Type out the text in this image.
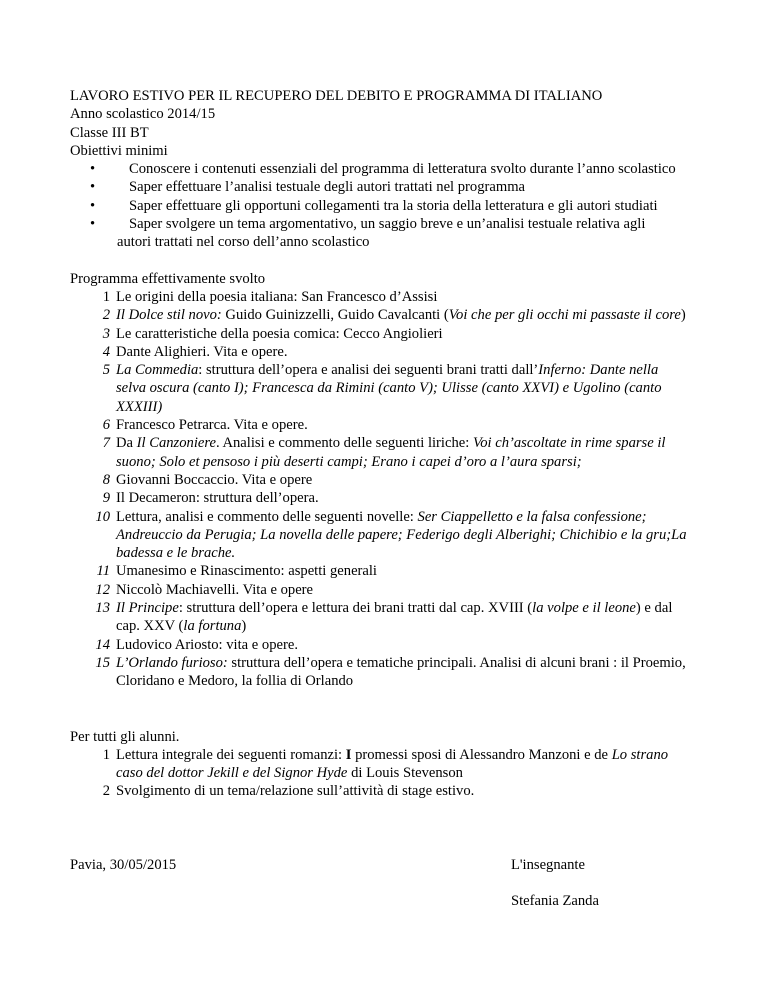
LAVORO ESTIVO PER IL RECUPERO DEL DEBITO E PROGRAMMA DI ITALIANO
Anno scolastico 2014/15
Classe III BT
Obiettivi minimi
•	Conoscere i contenuti essenziali del programma di letteratura svolto durante l’anno scolastico
•	Saper effettuare l’analisi testuale degli autori trattati nel programma
•	Saper effettuare gli opportuni collegamenti tra la storia della letteratura e gli autori studiati
•	Saper svolgere un tema argomentativo, un saggio breve e un’analisi testuale relativa agli autori trattati nel corso dell’anno scolastico
Programma effettivamente svolto
1 Le origini della poesia italiana: San Francesco d’Assisi
2 Il Dolce stil novo: Guido Guinizzelli, Guido Cavalcanti (Voi che per gli occhi mi passaste il core)
3 Le caratteristiche della poesia comica: Cecco Angiolieri
4 Dante Alighieri. Vita e opere.
5 La Commedia: struttura dell’opera e analisi dei seguenti brani tratti dall’Inferno: Dante nella selva oscura (canto I); Francesca da Rimini (canto V); Ulisse (canto XXVI) e Ugolino (canto XXXIII)
6 Francesco Petrarca. Vita e opere.
7 Da Il Canzoniere. Analisi e commento delle seguenti liriche: Voi ch’ascoltate in rime sparse il suono; Solo et pensoso i più deserti campi; Erano i capei d’oro a l’aura sparsi;
8 Giovanni Boccaccio. Vita e opere
9 Il Decameron: struttura dell’opera.
10 Lettura, analisi e commento delle seguenti novelle: Ser Ciappelletto e la falsa confessione; Andreuccio da Perugia; La novella delle papere; Federigo degli Alberighi; Chichibio e la gru;La badessa e le brache.
11 Umanesimo e Rinascimento: aspetti generali
12 Niccolò Machiavelli. Vita e opere
13 Il Principe: struttura dell’opera e lettura dei brani tratti dal cap. XVIII (la volpe e il leone) e dal cap. XXV (la fortuna)
14 Ludovico Ariosto: vita e opere.
15 L’Orlando furioso: struttura dell’opera e tematiche principali. Analisi di alcuni brani : il Proemio, Cloridano e Medoro, la follia di Orlando
Per tutti gli alunni.
1 Lettura integrale dei seguenti romanzi: I promessi sposi di Alessandro Manzoni e de Lo strano caso del dottor Jekill e del Signor Hyde di Louis Stevenson
2 Svolgimento di un tema/relazione sull’attività di stage estivo.
Pavia, 30/05/2015	L'insegnante
Stefania Zanda
